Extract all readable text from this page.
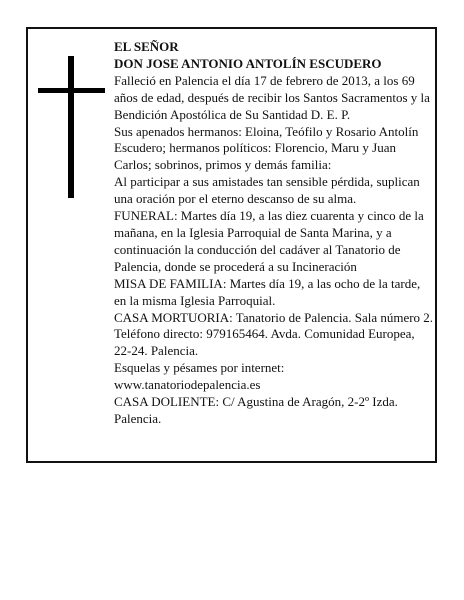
EL SEÑOR

DON JOSE ANTONIO ANTOLÍN ESCUDERO

Falleció en Palencia el día 17 de febrero de 2013, a los 69 años de edad, después de recibir los Santos Sacramentos y la Bendición Apostólica de Su Santidad D. E. P.

Sus apenados hermanos: Eloina, Teófilo y Rosario Antolín Escudero; hermanos políticos: Florencio, Maru y Juan Carlos; sobrinos, primos y demás familia:

Al participar a sus amistades tan sensible pérdida, suplican una oración por el eterno descanso de su alma.

FUNERAL: Martes día 19, a las diez cuarenta y cinco de la mañana, en la Iglesia Parroquial de Santa Marina, y a continuación la conducción del cadáver al Tanatorio de Palencia, donde se procederá a su Incineración

MISA DE FAMILIA: Martes día 19, a las ocho de la tarde, en la misma Iglesia Parroquial.

CASA MORTUORIA: Tanatorio de Palencia. Sala número 2. Teléfono directo: 979165464. Avda. Comunidad Europea, 22-24. Palencia.

Esquelas y pésames por internet: www.tanatoriodepalencia.es

CASA DOLIENTE: C/ Agustina de Aragón, 2-2º Izda. Palencia.
